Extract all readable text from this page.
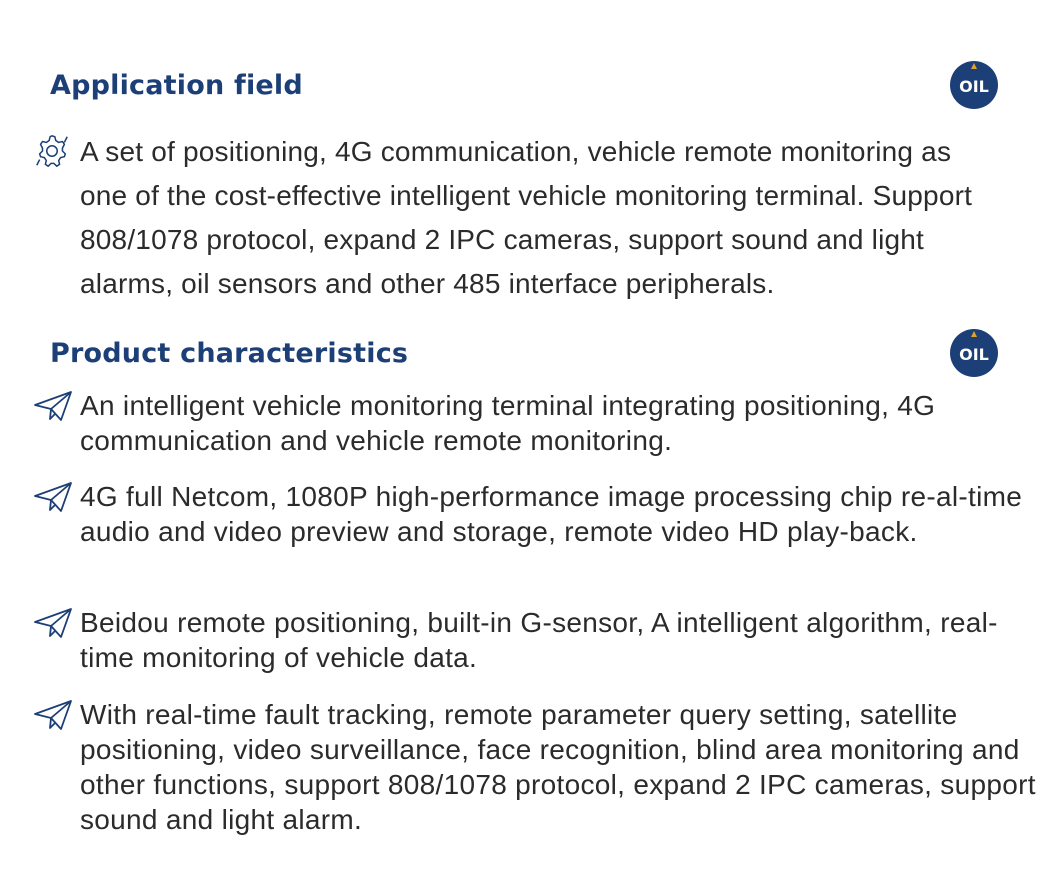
Application field	OIL

A set of positioning, 4G communication, vehicle remote monitoring as one of the cost-effective intelligent vehicle monitoring terminal. Support 808/1078 protocol, expand 2 IPC cameras, support sound and light alarms, oil sensors and other 485 interface peripherals.

Product characteristics	OIL

An intelligent vehicle monitoring terminal integrating positioning, 4G communication and vehicle remote monitoring.

4G full Netcom, 1080P high-performance image processing chip re-al-time audio and video preview and storage, remote video HD play-back.

Beidou remote positioning, built-in G-sensor, A intelligent algorithm, real-time monitoring of vehicle data.

With real-time fault tracking, remote parameter query setting, satellite positioning, video surveillance, face recognition, blind area monitoring and other functions, support 808/1078 protocol, expand 2 IPC cameras, support sound and light alarm.
